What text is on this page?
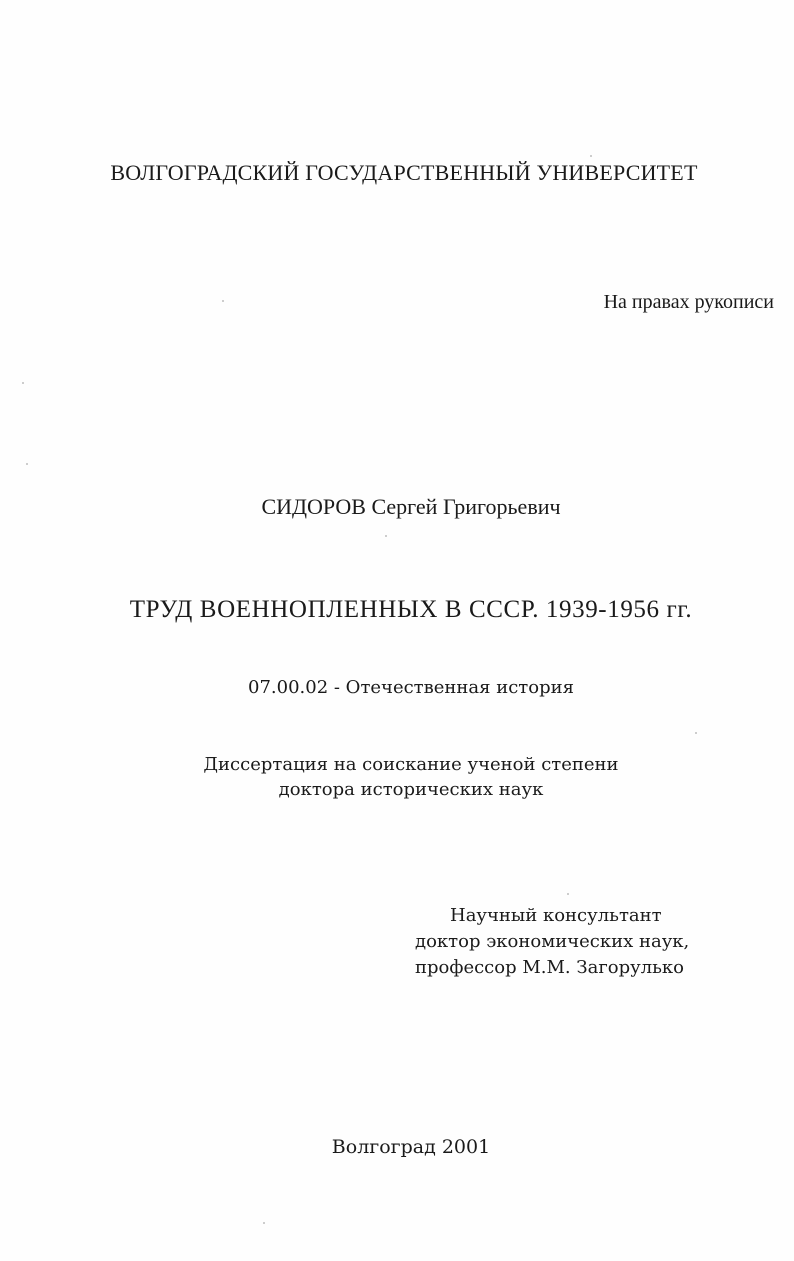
ВОЛГОГРАДСКИЙ ГОСУДАРСТВЕННЫЙ УНИВЕРСИТЕТ
На правах рукописи
СИДОРОВ Сергей Григорьевич
ТРУД ВОЕННОПЛЕННЫХ В СССР. 1939-1956 гг.
07.00.02 - Отечественная история
Диссертация на соискание ученой степени
доктора исторических наук
Научный консультант
доктор экономических наук,
профессор М.М. Загорулько
Волгоград 2001
